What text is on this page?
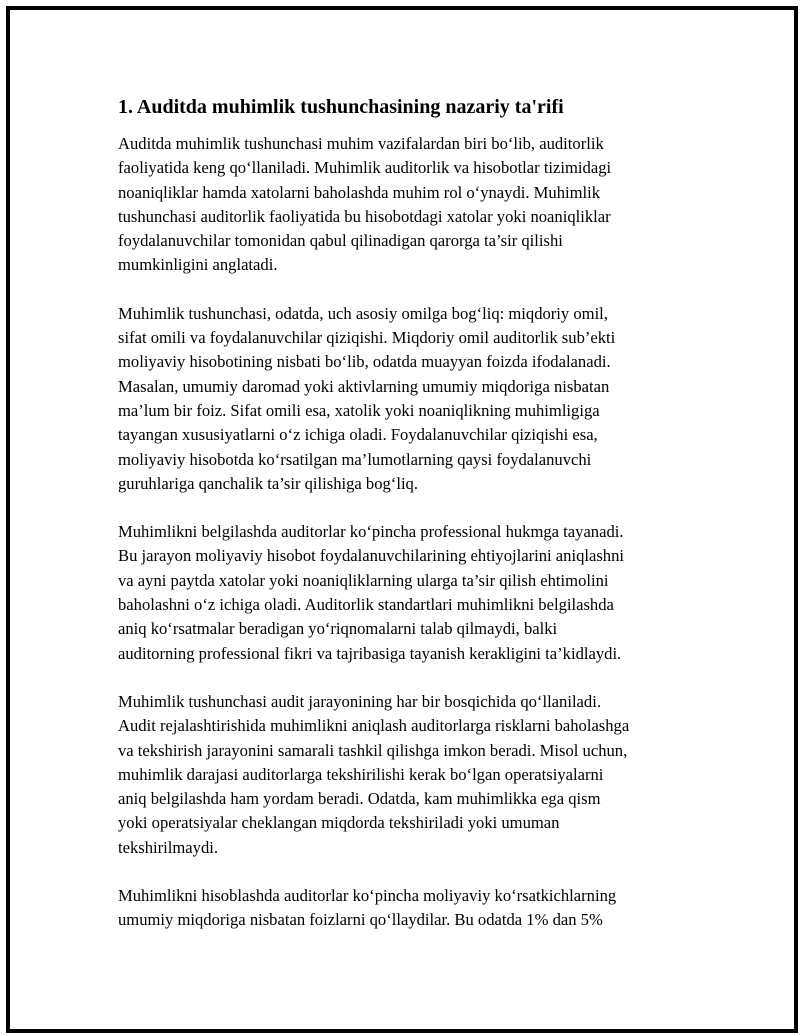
1. Auditda muhimlik tushunchasining nazariy ta'rifi
Auditda muhimlik tushunchasi muhim vazifalardan biri bo‘lib, auditorlik
faoliyatida keng qo‘llaniladi. Muhimlik auditorlik va hisobotlar tizimidagi
noaniqliklar hamda xatolarni baholashda muhim rol o‘ynaydi. Muhimlik
tushunchasi auditorlik faoliyatida bu hisobotdagi xatolar yoki noaniqliklar
foydalanuvchilar tomonidan qabul qilinadigan qarorga ta’sir qilishi
mumkinligini anglatadi.
Muhimlik tushunchasi, odatda, uch asosiy omilga bog‘liq: miqdoriy omil,
sifat omili va foydalanuvchilar qiziqishi. Miqdoriy omil auditorlik sub’ekti
moliyaviy hisobotining nisbati bo‘lib, odatda muayyan foizda ifodalanadi.
Masalan, umumiy daromad yoki aktivlarning umumiy miqdoriga nisbatan
ma’lum bir foiz. Sifat omili esa, xatolik yoki noaniqlikning muhimligiga
tayangan xususiyatlarni o‘z ichiga oladi. Foydalanuvchilar qiziqishi esa,
moliyaviy hisobotda ko‘rsatilgan ma’lumotlarning qaysi foydalanuvchi
guruhlariga qanchalik ta’sir qilishiga bog‘liq.
Muhimlikni belgilashda auditorlar ko‘pincha professional hukmga tayanadi.
Bu jarayon moliyaviy hisobot foydalanuvchilarining ehtiyojlarini aniqlashni
va ayni paytda xatolar yoki noaniqliklarning ularga ta’sir qilish ehtimolini
baholashni o‘z ichiga oladi. Auditorlik standartlari muhimlikni belgilashda
aniq ko‘rsatmalar beradigan yo‘riqnomalarni talab qilmaydi, balki
auditorning professional fikri va tajribasiga tayanish kerakligini ta’kidlaydi.
Muhimlik tushunchasi audit jarayonining har bir bosqichida qo‘llaniladi.
Audit rejalashtirishida muhimlikni aniqlash auditorlarga risklarni baholashga
va tekshirish jarayonini samarali tashkil qilishga imkon beradi. Misol uchun,
muhimlik darajasi auditorlarga tekshirilishi kerak bo‘lgan operatsiyalarni
aniq belgilashda ham yordam beradi. Odatda, kam muhimlikka ega qism
yoki operatsiyalar cheklangan miqdorda tekshiriladi yoki umuman
tekshirilmaydi.
Muhimlikni hisoblashda auditorlar ko‘pincha moliyaviy ko‘rsatkichlarning
umumiy miqdoriga nisbatan foizlarni qo‘llaydilar. Bu odatda 1% dan 5%
